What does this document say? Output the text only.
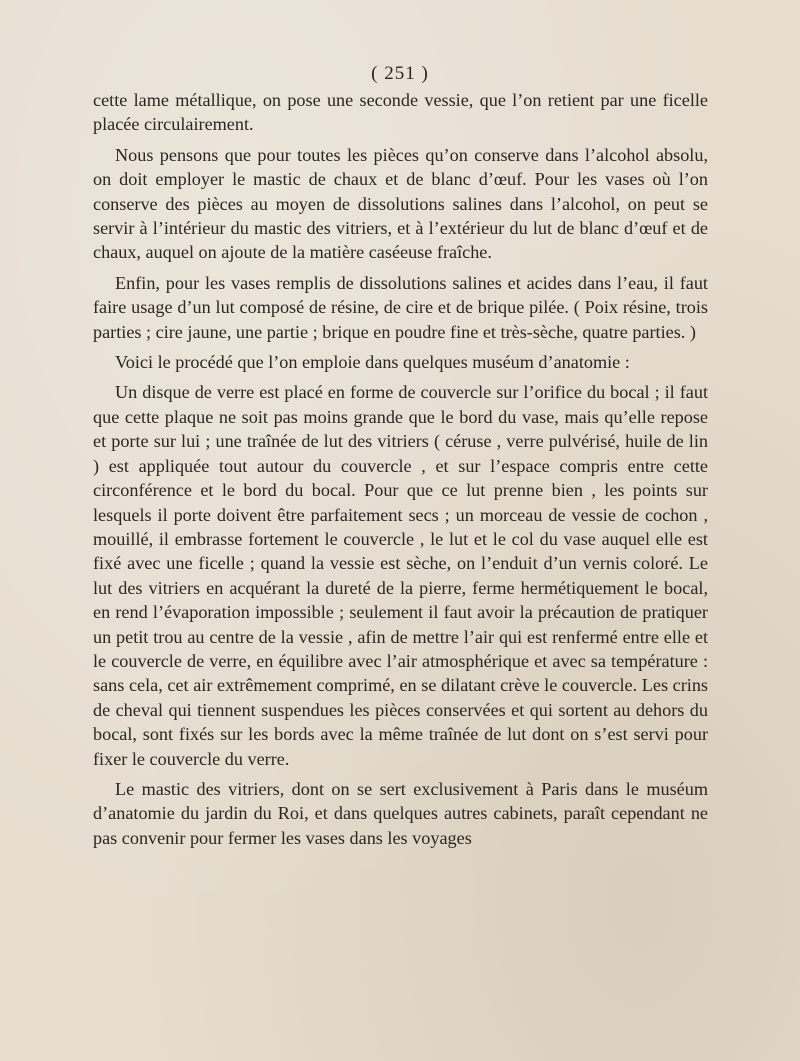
( 251 )

cette lame métallique, on pose une seconde vessie, que l’on retient par une ficelle placée circulairement.

Nous pensons que pour toutes les pièces qu’on conserve dans l’alcohol absolu, on doit employer le mastic de chaux et de blanc d’œuf. Pour les vases où l’on conserve des pièces au moyen de dissolutions salines dans l’alcohol, on peut se servir à l’intérieur du mastic des vitriers, et à l’extérieur du lut de blanc d’œuf et de chaux, auquel on ajoute de la matière caséeuse fraîche.

Enfin, pour les vases remplis de dissolutions salines et acides dans l’eau, il faut faire usage d’un lut composé de résine, de cire et de brique pilée. ( Poix résine, trois parties ; cire jaune, une partie ; brique en poudre fine et très-sèche, quatre parties. )

Voici le procédé que l’on emploie dans quelques muséum d’anatomie :

Un disque de verre est placé en forme de couvercle sur l’orifice du bocal ; il faut que cette plaque ne soit pas moins grande que le bord du vase, mais qu’elle repose et porte sur lui ; une traînée de lut des vitriers ( céruse , verre pulvérisé, huile de lin ) est appliquée tout autour du couvercle , et sur l’espace compris entre cette circonférence et le bord du bocal. Pour que ce lut prenne bien , les points sur lesquels il porte doivent être parfaitement secs ; un morceau de vessie de cochon , mouillé, il embrasse fortement le couvercle , le lut et le col du vase auquel elle est fixé avec une ficelle ; quand la vessie est sèche, on l’enduit d’un vernis coloré. Le lut des vitriers en acquérant la dureté de la pierre, ferme hermétiquement le bocal, en rend l’évaporation impossible ; seulement il faut avoir la précaution de pratiquer un petit trou au centre de la vessie , afin de mettre l’air qui est renfermé entre elle et le couvercle de verre, en équilibre avec l’air atmosphérique et avec sa température : sans cela, cet air extrêmement comprimé, en se dilatant crève le couvercle. Les crins de cheval qui tiennent suspendues les pièces conservées et qui sortent au dehors du bocal, sont fixés sur les bords avec la même traînée de lut dont on s’est servi pour fixer le couvercle du verre.

Le mastic des vitriers, dont on se sert exclusivement à Paris dans le muséum d’anatomie du jardin du Roi, et dans quelques autres cabinets, paraît cependant ne pas convenir pour fermer les vases dans les voyages
